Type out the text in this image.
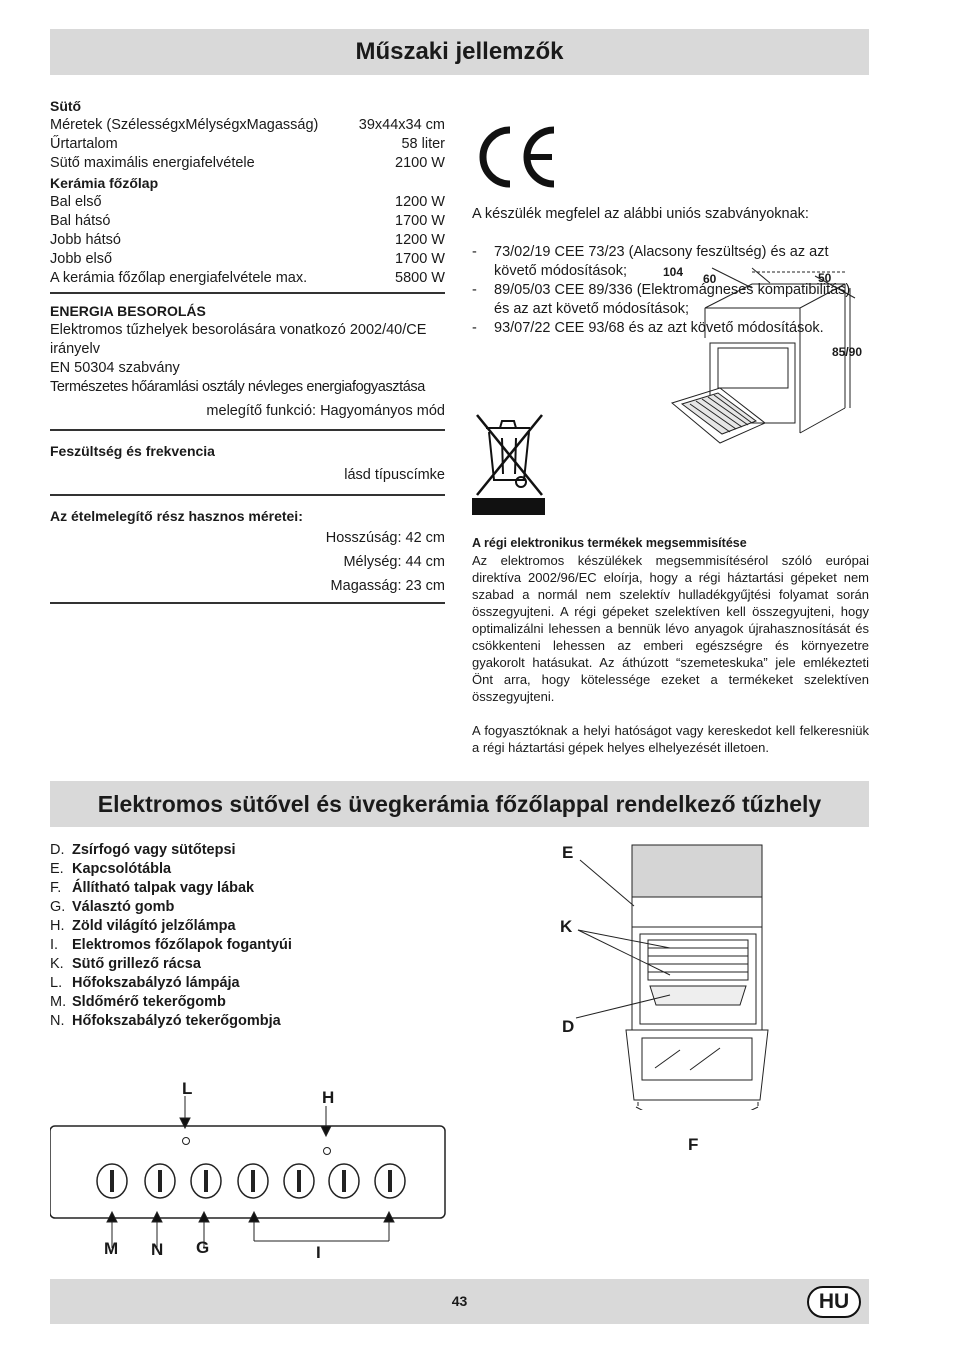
Műszaki jellemzők
Sütő
Méretek (SzélességxMélységxMagasság)	39x44x34 cm
Űrtartalom	58 liter
Sütő maximális energiafelvétele	2100 W
Kerámia főzőlap
Bal első	1200 W
Bal hátsó	1700 W
Jobb hátsó	1200 W
Jobb első	1700 W
A kerámia főzőlap energiafelvétele max.	5800 W
ENERGIA BESOROLÁS
Elektromos tűzhelyek besorolására vonatkozó 2002/40/CE
irányelv
EN 50304 szabvány
Természetes hőáramlási osztály névleges energiafogyasztása
melegítő funkció: Hagyományos mód
Feszültség és frekvencia
lásd típuscímke
Az ételmelegítő rész hasznos méretei:
Hosszúság: 42 cm
Mélység: 44 cm
Magasság: 23 cm
104 60	50
85/90
A készülék megfelel az alábbi uniós szabványoknak:
-	73/02/19 CEE 73/23 (Alacsony feszültség) és az azt követő módosítások;
-	89/05/03 CEE 89/336 (Elektromágneses kompatibilitás) és az azt követő módosítások;
-	93/07/22 CEE 93/68 és az azt követő módosítások.
A régi elektronikus termékek megsemmisítése
Az elektromos készülékek megsemmisítésérol szóló európai direktíva 2002/96/EC eloírja, hogy a régi háztartási gépeket nem szabad a normál nem szelektív hulladékgyűjtési folyamat során összegyujteni. A régi gépeket szelektíven kell összegyujteni, hogy optimalizálni lehessen a bennük lévo anyagok újrahasznosítását és csökkenteni lehessen az emberi egészségre és környezetre gyakorolt hatásukat. Az áthúzott “szemeteskuka” jele emlékezteti Önt arra, hogy kötelessége ezeket a termékeket szelektíven összegyujteni.
A fogyasztóknak a helyi hatóságot vagy kereskedot kell felkeresniük a régi háztartási gépek helyes elhelyezését illetoen.
Elektromos sütővel és üvegkerámia főzőlappal rendelkező tűzhely
D. Zsírfogó vagy sütőtepsi
E. Kapcsolótábla
F. Állítható talpak vagy lábak
G. Választó gomb
H. Zöld világító jelzőlámpa
I. Elektromos főzőlapok fogantyúi
K. Sütő grillező rácsa
L. Hőfokszabályzó lámpája
M. Sldőmérő tekerőgomb
N. Hőfokszabályzó tekerőgombja
E
K
D
F
L	H
M N G	I
43	HU
